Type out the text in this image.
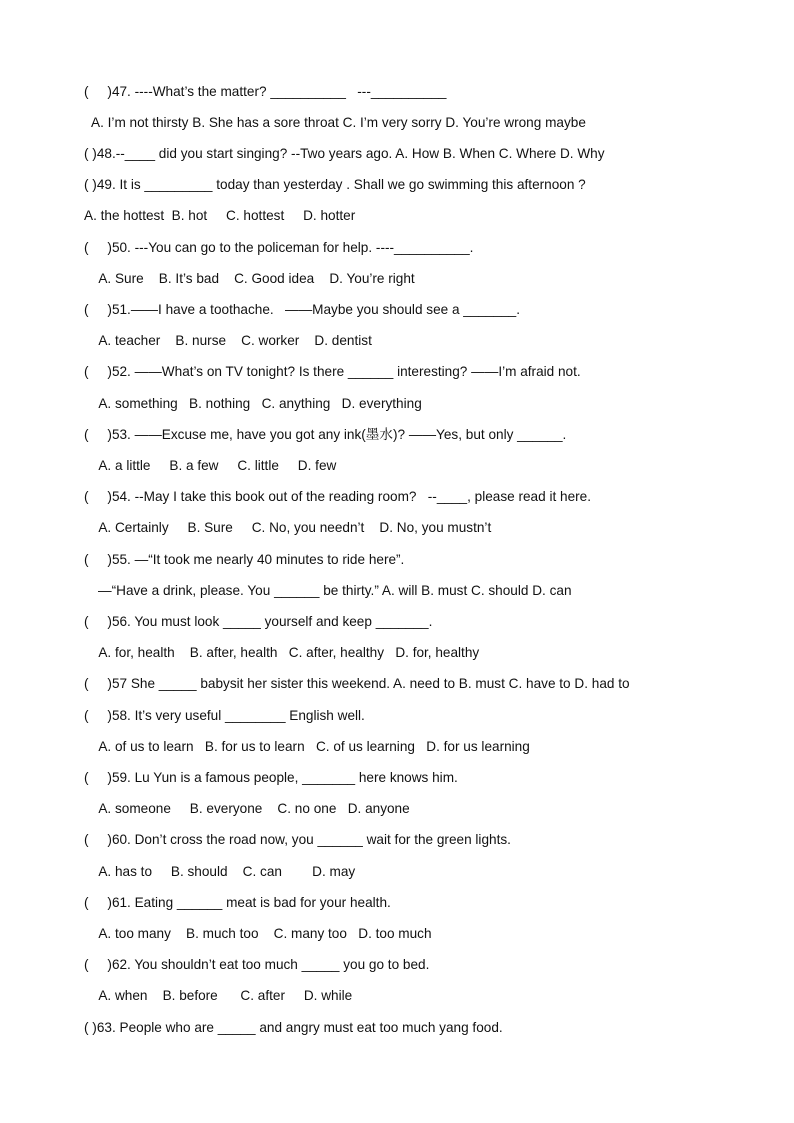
(     )47. ----What’s the matter? __________   ---__________
A. I’m not thirsty B. She has a sore throat C. I’m very sorry D. You’re wrong maybe
( )48.--____ did you start singing? --Two years ago. A. How B. When C. Where D. Why
( )49. It is _________ today than yesterday . Shall we go swimming this afternoon ?
A. the hottest  B. hot     C. hottest     D. hotter
(     )50. ---You can go to the policeman for help. ----__________.
A. Sure    B. It’s bad    C. Good idea    D. You’re right
(     )51.——I have a toothache.   ——Maybe you should see a _______.
A. teacher    B. nurse    C. worker    D. dentist
(     )52. ——What’s on TV tonight? Is there ______ interesting? ——I’m afraid not.
A. something   B. nothing   C. anything   D. everything
(     )53. ——Excuse me, have you got any ink(墨水)? ——Yes, but only ______.
A. a little     B. a few     C. little     D. few
(     )54. --May I take this book out of the reading room?   --____, please read it here.
A. Certainly     B. Sure     C. No, you needn’t    D. No, you mustn’t
(     )55. —“It took me nearly 40 minutes to ride here”.
—“Have a drink, please. You ______ be thirty.” A. will B. must C. should D. can
(     )56. You must look _____ yourself and keep _______.
A. for, health    B. after, health   C. after, healthy   D. for, healthy
(     )57 She _____ babysit her sister this weekend. A. need to B. must C. have to D. had to
(     )58. It’s very useful ________ English well.
A. of us to learn   B. for us to learn   C. of us learning   D. for us learning
(     )59. Lu Yun is a famous people, _______ here knows him.
A. someone     B. everyone    C. no one   D. anyone
(     )60. Don’t cross the road now, you ______ wait for the green lights.
A. has to     B. should    C. can        D. may
(     )61. Eating ______ meat is bad for your health.
A. too many    B. much too    C. many too   D. too much
(     )62. You shouldn’t eat too much _____ you go to bed.
A. when    B. before      C. after     D. while
( )63. People who are _____ and angry must eat too much yang food.
